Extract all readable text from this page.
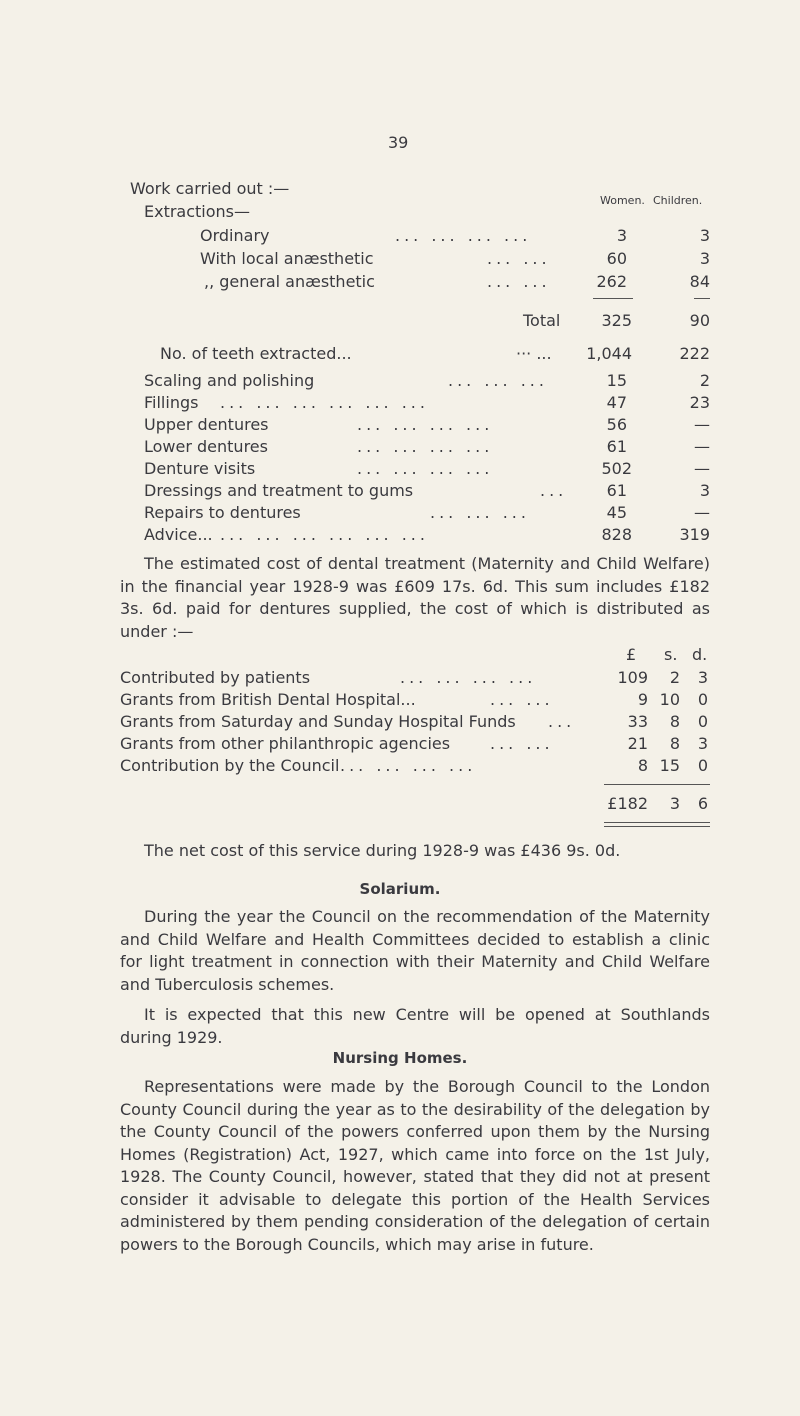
39
Work carried out :—
Women. Children.
Extractions—
Ordinary	... ... ... ...	3	3
With local anæsthetic	... ...	60	3
,, general anæsthetic	... ...	262	84
Total	325	90
No. of teeth extracted...	··· ... 1,044	222
Scaling and polishing	... ... ...	15	2
Fillings ... ... ... ... ... ...	47	23
Upper dentures	... ... ... ...	56	—
Lower dentures	... ... ... ...	61	—
Denture visits	... ... ... ...	502	—
Dressings and treatment to gums	... 61	3
Repairs to dentures	... ... ...	45	—
Advice... ... ... ... ... ... ...	828	319

The estimated cost of dental treatment (Maternity and Child Welfare) in the financial year 1928-9 was £609 17s. 6d. This sum includes £182 3s. 6d. paid for dentures supplied, the cost of which is distributed as under :—

£ s. d.
Contributed by patients	... ... ... ...	109 2 3
Grants from British Dental Hospital...	... ...	9 10 0
Grants from Saturday and Sunday Hospital Funds ...	33 8 0
Grants from other philanthropic agencies ... ...	21 8 3
Contribution by the Council ... ... ... ...	8 15 0
£182 3 6
The net cost of this service during 1928-9 was £436 9s. 0d.
Solarium.

During the year the Council on the recommendation of the Maternity and Child Welfare and Health Committees decided to establish a clinic for light treatment in connection with their Maternity and Child Welfare and Tuberculosis schemes.

It is expected that this new Centre will be opened at Southlands during 1929.

Nursing Homes.

Representations were made by the Borough Council to the London County Council during the year as to the desirability of the delegation by the County Council of the powers conferred upon them by the Nursing Homes (Registration) Act, 1927, which came into force on the 1st July, 1928. The County Council, however, stated that they did not at present consider it advisable to delegate this portion of the Health Services administered by them pending consideration of the delegation of certain powers to the Borough Councils, which may arise in future.
